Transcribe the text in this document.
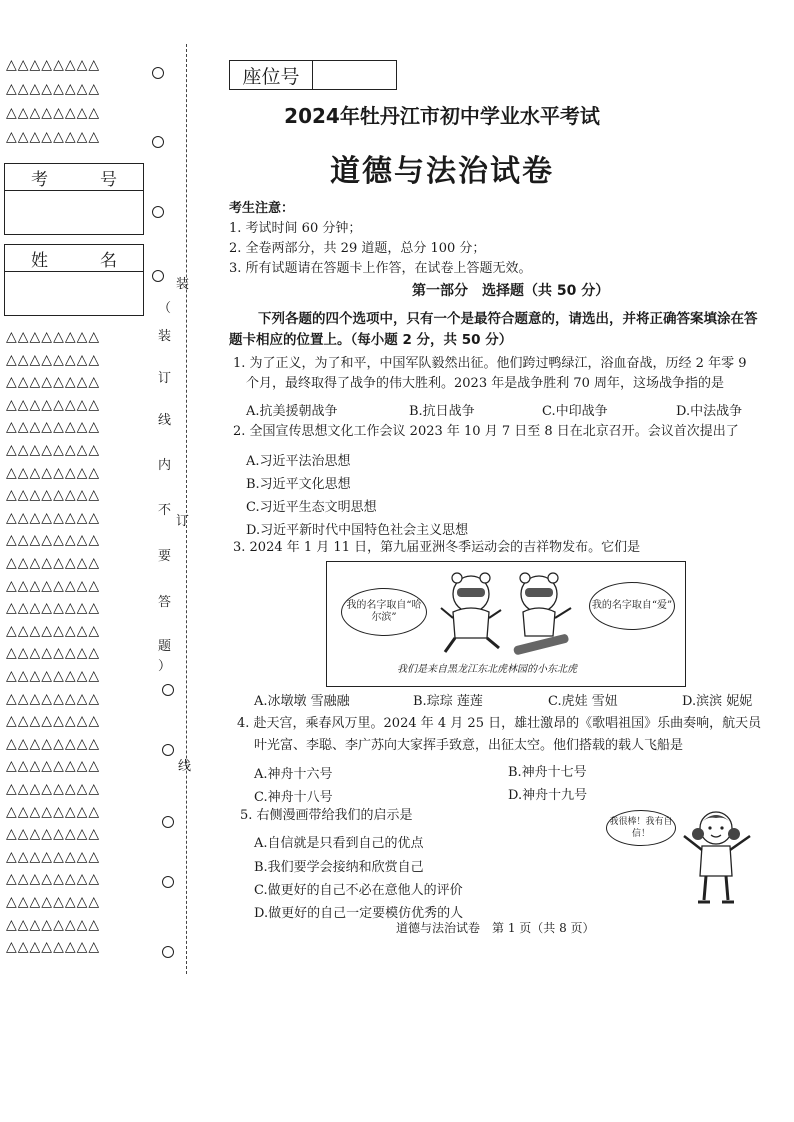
△△△△△△△△
△△△△△△△△
△△△△△△△△
△△△△△△△△
考	号
姓	名
△△△△△△△△
△△△△△△△△
△△△△△△△△
△△△△△△△△
△△△△△△△△
△△△△△△△△
△△△△△△△△
△△△△△△△△
△△△△△△△△
△△△△△△△△
△△△△△△△△
△△△△△△△△
△△△△△△△△
△△△△△△△△
△△△△△△△△
△△△△△△△△
△△△△△△△△
△△△△△△△△
△△△△△△△△
△△△△△△△△
△△△△△△△△
△△△△△△△△
△△△△△△△△
△△△△△△△△
△△△△△△△△
△△△△△△△△
△△△△△△△△
△△△△△△△△
装
（
装
订
线
内
不
订
要
答
题
）
线
座位号
2024年牡丹江市初中学业水平考试
道德与法治试卷
考生注意：
1. 考试时间 60 分钟；
2. 全卷两部分，共 29 道题，总分 100 分；
3. 所有试题请在答题卡上作答，在试卷上答题无效。
第一部分　选择题（共 50 分）
下列各题的四个选项中，只有一个是最符合题意的，请选出，并将正确答案填涂在答
题卡相应的位置上。（每小题 2 分，共 50 分）
1. 为了正义，为了和平，中国军队毅然出征。他们跨过鸭绿江，浴血奋战，历经 2 年零 9
个月，最终取得了战争的伟大胜利。2023 年是战争胜利 70 周年，这场战争指的是
A.抗美援朝战争	B.抗日战争	C.中印战争	D.中法战争
2. 全国宣传思想文化工作会议 2023 年 10 月 7 日至 8 日在北京召开。会议首次提出了
A.习近平法治思想
B.习近平文化思想
C.习近平生态文明思想
D.习近平新时代中国特色社会主义思想
3. 2024 年 1 月 11 日，第九届亚洲冬季运动会的吉祥物发布。它们是
我的名字取自“哈尔滨”
我的名字取自“爱”
我们是来自黑龙江东北虎林园的小东北虎
A.冰墩墩 雪融融	B.琮琮 莲莲	C.虎娃 雪妞	D.滨滨 妮妮
4. 赴天宫，乘春风万里。2024 年 4 月 25 日，雄壮激昂的《歌唱祖国》乐曲奏响，航天员
叶光富、李聪、李广苏向大家挥手致意，出征太空。他们搭载的载人飞船是
A.神舟十六号	B.神舟十七号
C.神舟十八号	D.神舟十九号
5. 右侧漫画带给我们的启示是
A.自信就是只看到自己的优点
B.我们要学会接纳和欣赏自己
C.做更好的自己不必在意他人的评价
D.做更好的自己一定要模仿优秀的人
我很棒！我有自信！
道德与法治试卷　第 1 页（共 8 页）
